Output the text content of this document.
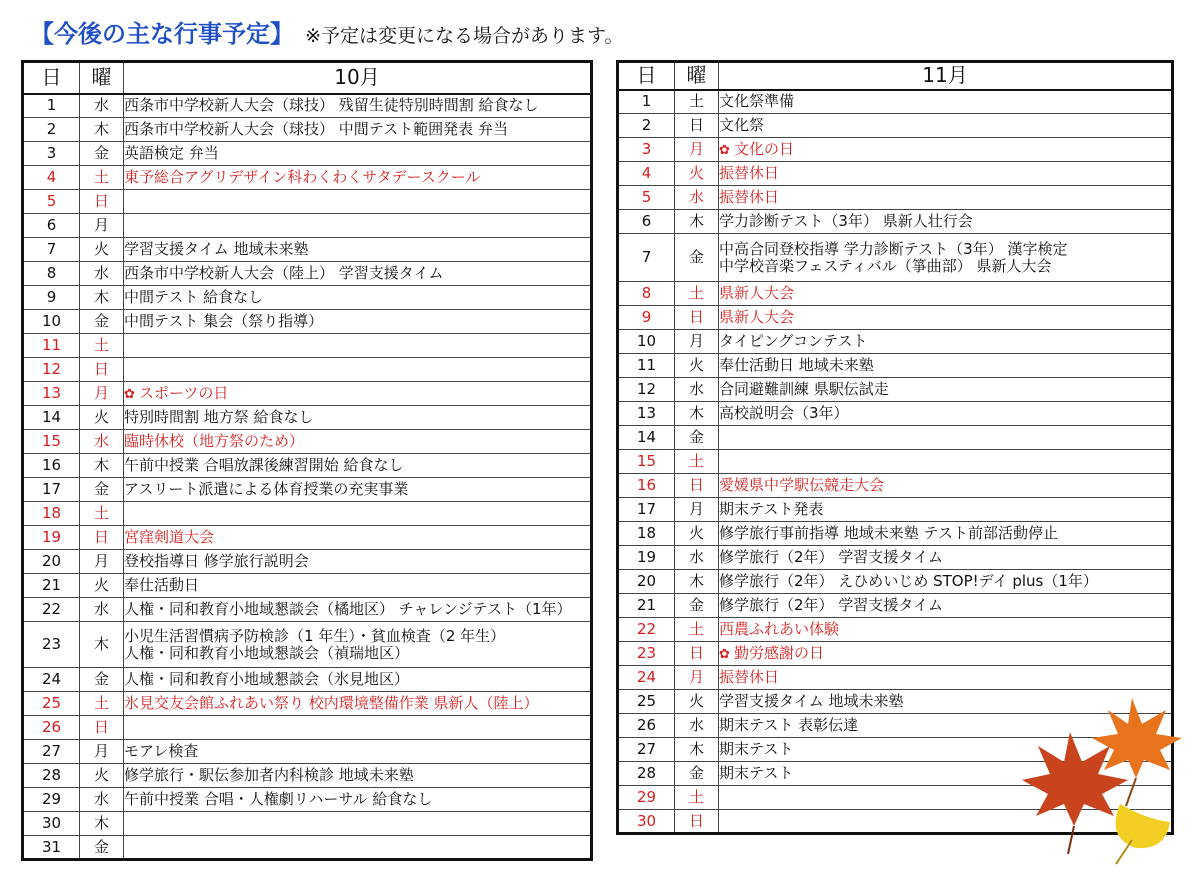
【今後の主な行事予定】 ※予定は変更になる場合があります。
日	曜	10月
1	水	西条市中学校新人大会（球技） 残留生徒特別時間割 給食なし

2	木	西条市中学校新人大会（球技） 中間テスト範囲発表 弁当

3	金	英語検定 弁当

4	土	東予総合アグリデザイン科わくわくサタデースクール

5	日	

6	月	

7	火	学習支援タイム 地域未来塾

8	水	西条市中学校新人大会（陸上） 学習支援タイム

9	木	中間テスト 給食なし

10	金	中間テスト 集会（祭り指導）

11	土	

12	日	

13	月	✿ スポーツの日

14	火	特別時間割 地方祭 給食なし

15	水	臨時休校（地方祭のため）

16	木	午前中授業 合唱放課後練習開始 給食なし

17	金	アスリート派遣による体育授業の充実事業

18	土	

19	日	宮窪剣道大会

20	月	登校指導日 修学旅行説明会

21	火	奉仕活動日

22	水	人権・同和教育小地域懇談会（橘地区） チャレンジテスト（1年）

23	木	小児生活習慣病予防検診（1 年生）・貧血検査（2 年生）
人権・同和教育小地域懇談会（禎瑞地区）

24	金	人権・同和教育小地域懇談会（氷見地区）

25	土	氷見交友会館ふれあい祭り 校内環境整備作業 県新人（陸上）

26	日	

27	月	モアレ検査

28	火	修学旅行・駅伝参加者内科検診 地域未来塾

29	水	午前中授業 合唱・人権劇リハーサル 給食なし

30	木	

31	金	
日	曜	11月
1	土	文化祭準備

2	日	文化祭

3	月	✿ 文化の日

4	火	振替休日

5	水	振替休日

6	木	学力診断テスト（3年） 県新人壮行会

7	金	中高合同登校指導 学力診断テスト（3年） 漢字検定
中学校音楽フェスティバル（箏曲部） 県新人大会

8	土	県新人大会

9	日	県新人大会

10	月	タイピングコンテスト

11	火	奉仕活動日 地域未来塾

12	水	合同避難訓練 県駅伝試走

13	木	高校説明会（3年）

14	金	

15	土	

16	日	愛媛県中学駅伝競走大会

17	月	期末テスト発表

18	火	修学旅行事前指導 地域未来塾 テスト前部活動停止

19	水	修学旅行（2年） 学習支援タイム

20	木	修学旅行（2年） えひめいじめ STOP!デイ plus（1年）

21	金	修学旅行（2年） 学習支援タイム

22	土	西農ふれあい体験

23	日	✿ 勤労感謝の日

24	月	振替休日

25	火	学習支援タイム 地域未来塾

26	水	期末テスト 表彰伝達

27	木	期末テスト

28	金	期末テスト

29	土	

30	日	
